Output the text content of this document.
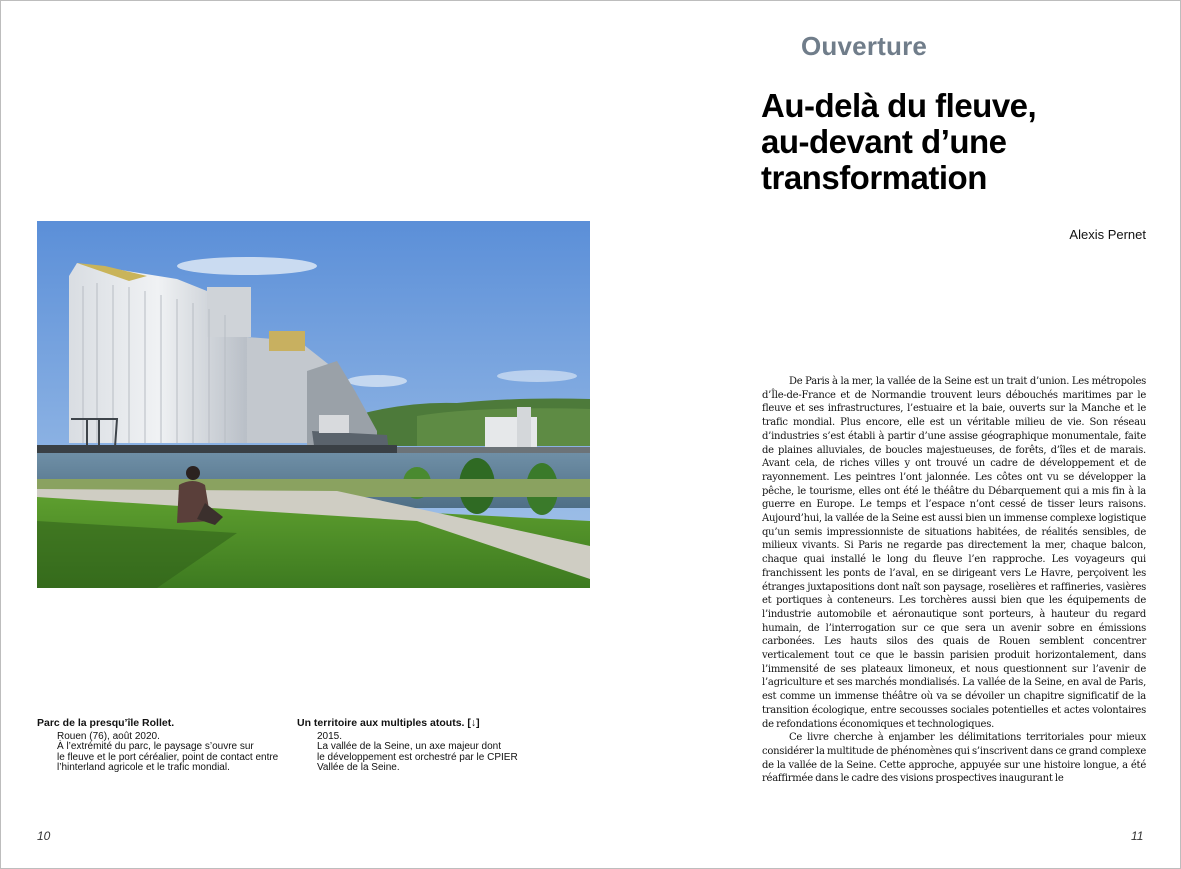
Parc de la presqu’île Rollet.
Rouen (76), août 2020.
À l’extrémité du parc, le paysage s’ouvre sur
le fleuve et le port céréalier, point de contact entre
l’hinterland agricole et le trafic mondial.
Un territoire aux multiples atouts. [↓]
2015.
La vallée de la Seine, un axe majeur dont
le développement est orchestré par le CPIER
Vallée de la Seine.
10
Ouverture
Au-delà du fleuve,
au-devant d’une
transformation
Alexis Pernet

De Paris à la mer, la vallée de la Seine est un trait d’union. Les métropoles d’Île-de-France et de Normandie trouvent leurs débouchés maritimes par le fleuve et ses infrastructures, l’estuaire et la baie, ouverts sur la Manche et le trafic mondial. Plus encore, elle est un véritable milieu de vie. Son réseau d’industries s’est établi à partir d’une assise géographique monumentale, faite de plaines alluviales, de boucles majestueuses, de forêts, d’îles et de marais. Avant cela, de riches villes y ont trouvé un cadre de développement et de rayonnement. Les peintres l’ont jalonnée. Les côtes ont vu se développer la pêche, le tourisme, elles ont été le théâtre du Débarquement qui a mis fin à la guerre en Europe. Le temps et l’espace n’ont cessé de tisser leurs raisons. Aujourd’hui, la vallée de la Seine est aussi bien un immense complexe logistique qu’un semis impressionniste de situations habitées, de réalités sensibles, de milieux vivants. Si Paris ne regarde pas directement la mer, chaque balcon, chaque quai installé le long du fleuve l’en rapproche. Les voyageurs qui franchissent les ponts de l’aval, en se dirigeant vers Le Havre, perçoivent les étranges juxtapositions dont naît son paysage, roselières et raffineries, vasières et portiques à conteneurs. Les torchères aussi bien que les équipements de l’industrie automobile et aéronautique sont porteurs, à hauteur du regard humain, de l’interrogation sur ce que sera un avenir sobre en émissions carbonées. Les hauts silos des quais de Rouen semblent concentrer verticalement tout ce que le bassin parisien produit horizontalement, dans l’immensité de ses plateaux limoneux, et nous questionnent sur l’avenir de l’agriculture et ses marchés mondialisés. La vallée de la Seine, en aval de Paris, est comme un immense théâtre où va se dévoiler un chapitre significatif de la transition écologique, entre secousses sociales potentielles et actes volontaires de refondations économiques et technologiques.

Ce livre cherche à enjamber les délimitations territoriales pour mieux considérer la multitude de phénomènes qui s’inscrivent dans ce grand complexe de la vallée de la Seine. Cette approche, appuyée sur une histoire longue, a été réaffirmée dans le cadre des visions prospectives inaugurant le

11
